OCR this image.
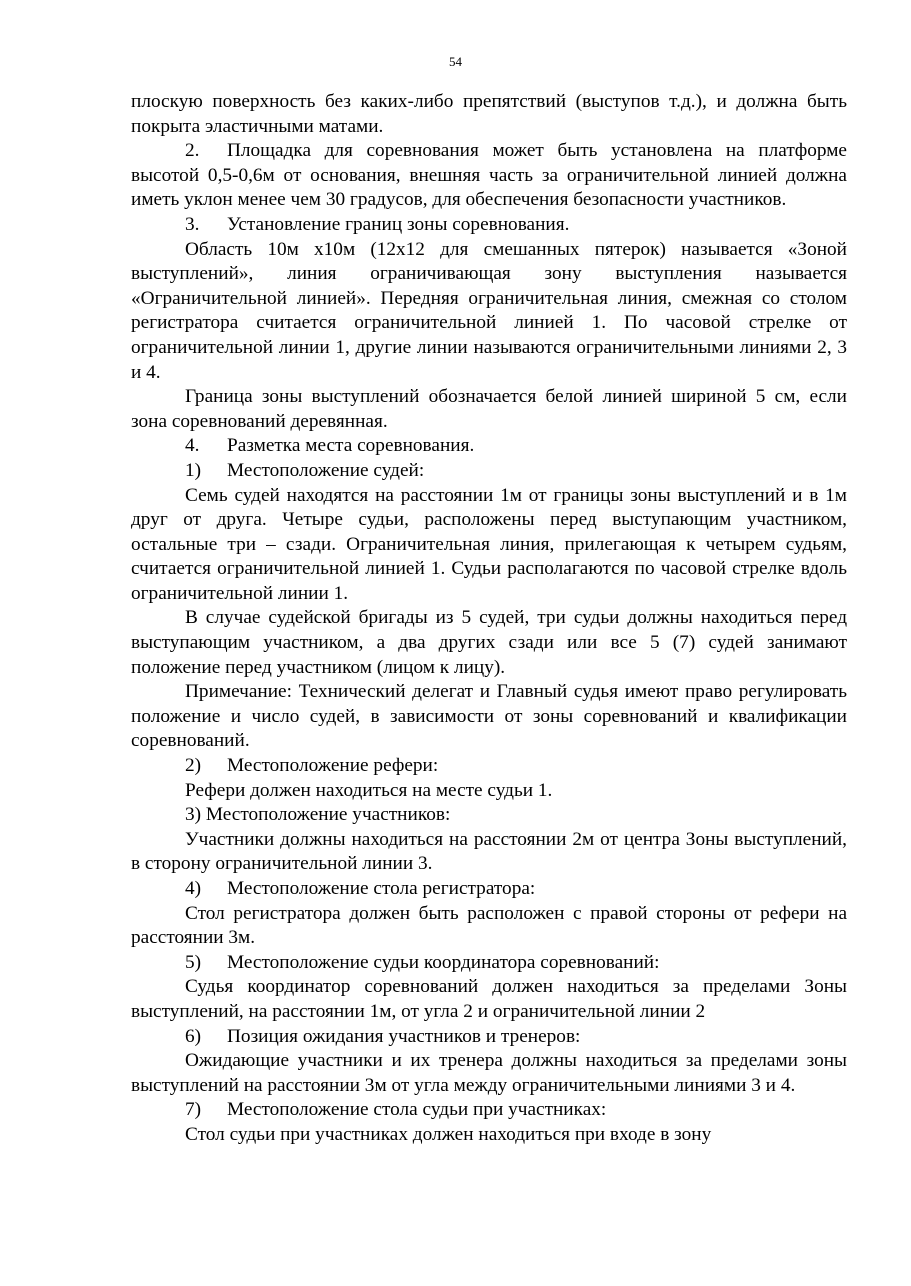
54

плоскую поверхность без каких-либо препятствий (выступов т.д.), и должна быть покрыта эластичными матами.

2. Площадка для соревнования может быть установлена на платформе высотой 0,5-0,6м от основания, внешняя часть за ограничительной линией должна иметь уклон менее чем 30 градусов, для обеспечения безопасности участников.

3. Установление границ зоны соревнования.

Область 10м х10м (12х12 для смешанных пятерок) называется «Зоной выступлений», линия ограничивающая зону выступления называется «Ограничительной линией». Передняя ограничительная линия, смежная со столом регистратора считается ограничительной линией 1. По часовой стрелке от ограничительной линии 1, другие линии называются ограничительными линиями 2, 3 и 4.

Граница зоны выступлений обозначается белой линией шириной 5 см, если зона соревнований деревянная.

4. Разметка места соревнования.

1) Местоположение судей:

Семь судей находятся на расстоянии 1м от границы зоны выступлений и в 1м друг от друга. Четыре судьи, расположены перед выступающим участником, остальные три – сзади. Ограничительная линия, прилегающая к четырем судьям, считается ограничительной линией 1. Судьи располагаются по часовой стрелке вдоль ограничительной линии 1.

В случае судейской бригады из 5 судей, три судьи должны находиться перед выступающим участником, а два других сзади или все 5 (7) судей занимают положение перед участником (лицом к лицу).

Примечание: Технический делегат и Главный судья имеют право регулировать положение и число судей, в зависимости от зоны соревнований и квалификации соревнований.

2) Местоположение рефери:

Рефери должен находиться на месте судьи 1.

3) Местоположение участников:

Участники должны находиться на расстоянии 2м от центра Зоны выступлений, в сторону ограничительной линии 3.

4) Местоположение стола регистратора:

Стол регистратора должен быть расположен с правой стороны от рефери на расстоянии 3м.

5) Местоположение судьи координатора соревнований:

Судья координатор соревнований должен находиться за пределами Зоны выступлений, на расстоянии 1м, от угла 2 и ограничительной линии 2

6) Позиция ожидания участников и тренеров:

Ожидающие участники и их тренера должны находиться за пределами зоны выступлений на расстоянии 3м от угла между ограничительными линиями 3 и 4.

7) Местоположение стола судьи при участниках:

Стол судьи при участниках должен находиться при входе в зону
